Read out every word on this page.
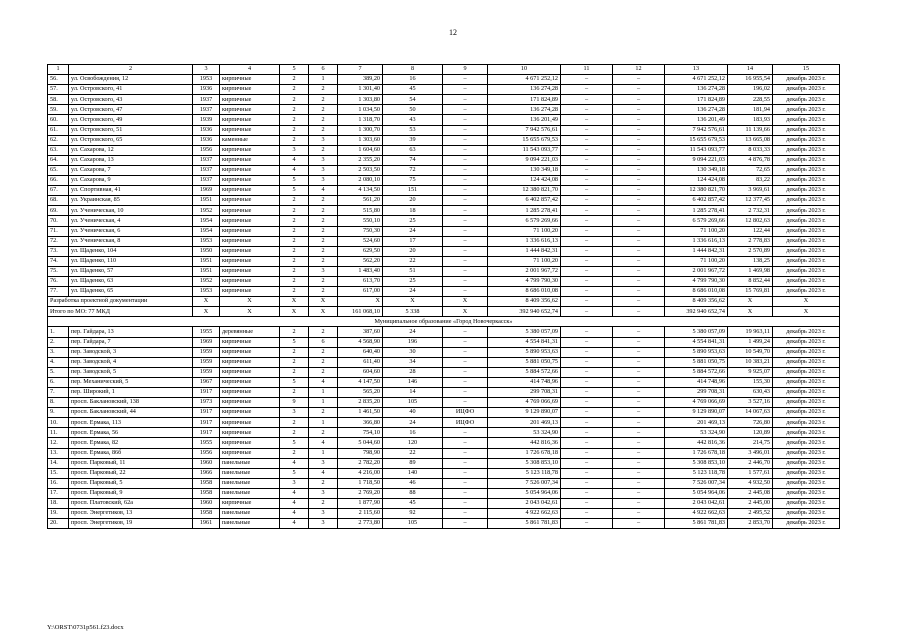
12
1	2	3	4	5	6	7	8	9	10	11	12	13	14	15
56.	ул. Освобождения, 12	1953	кирпичные	2	1	389,20	16	–	4 671 252,12	–	–	4 671 252,12	16 955,54	декабрь 2023 г.
57.	ул. Островского, 41	1936	кирпичные	2	2	1 301,40	45	–	136 274,28	–	–	136 274,28	196,02	декабрь 2023 г.
58.	ул. Островского, 43	1937	кирпичные	2	2	1 303,80	54	–	171 824,89	–	–	171 824,89	228,55	декабрь 2023 г.
59.	ул. Островского, 47	1937	кирпичные	2	2	1 034,50	50	–	136 274,28	–	–	136 274,28	181,94	декабрь 2023 г.
60.	ул. Островского, 49	1939	кирпичные	2	2	1 318,70	43	–	136 201,49	–	–	136 201,49	183,93	декабрь 2023 г.
61.	ул. Островского, 51	1936	кирпичные	2	2	1 300,70	53	–	7 942 576,61	–	–	7 942 576,61	11 139,66	декабрь 2023 г.
62.	ул. Островского, 65	1936	каменные	2	3	1 303,60	39	–	15 655 679,53	–	–	15 655 679,53	13 665,08	декабрь 2023 г.
63.	ул. Сахарова, 12	1956	кирпичные	3	2	1 604,60	63	–	11 543 093,77	–	–	11 543 093,77	8 033,33	декабрь 2023 г.
64.	ул. Сахарова, 13	1937	кирпичные	4	3	2 355,20	74	–	9 094 221,03	–	–	9 094 221,03	4 876,78	декабрь 2023 г.
65.	ул. Сахарова, 7	1937	кирпичные	4	3	2 503,50	72	–	130 349,18	–	–	130 349,18	72,65	декабрь 2023 г.
66.	ул. Сахарова, 9	1937	кирпичные	5	3	2 080,10	75	–	124 424,08	–	–	124 424,08	83,22	декабрь 2023 г.
67.	ул. Спортивная, 41	1969	кирпичные	5	4	4 134,50	151	–	12 380 821,70	–	–	12 380 821,70	3 969,61	декабрь 2023 г.
68.	ул. Украинская, 85	1951	кирпичные	2	2	561,20	20	–	6 402 857,42	–	–	6 402 857,42	12 377,45	декабрь 2023 г.
69.	ул. Ученическая, 10	1952	кирпичные	2	2	515,80	18	–	1 285 278,41	–	–	1 285 278,41	2 732,31	декабрь 2023 г.
70.	ул. Ученическая, 4	1954	кирпичные	2	2	550,10	25	–	6 579 269,66	–	–	6 579 269,66	12 802,63	декабрь 2023 г.
71.	ул. Ученическая, 6	1954	кирпичные	2	2	750,30	24	–	71 100,20	–	–	71 100,20	122,44	декабрь 2023 г.
72.	ул. Ученическая, 8	1953	кирпичные	2	2	524,60	17	–	1 336 616,13	–	–	1 336 616,13	2 778,83	декабрь 2023 г.
73.	ул. Щаденко, 104	1950	кирпичные	2	2	629,50	20	–	1 444 842,31	–	–	1 444 842,31	2 570,89	декабрь 2023 г.
74.	ул. Щаденко, 110	1951	кирпичные	2	2	562,20	22	–	71 100,20	–	–	71 100,20	138,25	декабрь 2023 г.
75.	ул. Щаденко, 57	1951	кирпичные	2	3	1 483,40	51	–	2 001 967,72	–	–	2 001 967,72	1 469,98	декабрь 2023 г.
76.	ул. Щаденко, 63	1952	кирпичные	2	2	613,70	25	–	4 799 790,30	–	–	4 799 790,30	8 852,44	декабрь 2023 г.
77.	ул. Щаденко, 65	1953	кирпичные	2	2	617,00	24	–	8 686 010,08	–	–	8 686 010,08	15 769,81	декабрь 2023 г.
Разработка проектной документации		X	X	X	X	X	X	X	8 409 356,62	–	–	8 409 356,62	X	X
Итого по МО: 77 МКД		X	X	X	X	161 068,10	5 338	X	392 940 652,74	–	–	392 940 652,74	X	X
Муниципальное образование «Город Новочеркасск»														
1.	пер. Гайдара, 13	1955	деревянные	2	2	387,60	24	–	5 380 057,09	–	–	5 380 057,09	19 963,11	декабрь 2023 г.
2.	пер. Гайдара, 7	1969	кирпичные	5	6	4 568,90	196	–	4 554 841,31	–	–	4 554 841,31	1 499,24	декабрь 2023 г.
3.	пер. Заводской, 3	1959	кирпичные	2	2	640,40	30	–	5 890 953,63	–	–	5 890 953,63	10 549,70	декабрь 2023 г.
4.	пер. Заводской, 4	1959	кирпичные	2	2	611,40	34	–	5 881 050,75	–	–	5 881 050,75	10 383,21	декабрь 2023 г.
5.	пер. Заводской, 5	1959	кирпичные	2	2	604,60	28	–	5 884 572,66	–	–	5 884 572,66	9 925,07	декабрь 2023 г.
6.	пер. Механический, 5	1967	кирпичные	5	4	4 147,50	146	–	414 748,96	–	–	414 748,96	155,30	декабрь 2023 г.
7.	пер. Широкий, 1	1917	кирпичные	2	1	565,20	14	–	299 708,31	–	–	299 708,31	630,43	декабрь 2023 г.
8.	просп. Баклановский, 138	1973	кирпичные	9	1	2 835,20	105	–	4 769 066,69	–	–	4 769 066,69	3 527,16	декабрь 2023 г.
9.	просп. Баклановский, 44	1917	кирпичные	3	2	1 461,50	40	ИЦФО	9 129 890,07	–	–	9 129 890,07	14 067,63	декабрь 2023 г.
10.	просп. Ермака, 113	1917	кирпичные	2	1	366,80	24	ИЦФО	201 469,13	–	–	201 469,13	726,80	декабрь 2023 г.
11.	просп. Ермака, 56	1917	кирпичные	2	2	754,10	16	–	53 324,90	–	–	53 324,90	120,89	декабрь 2023 г.
12.	просп. Ермака, 82	1955	кирпичные	5	4	5 044,60	120	–	442 816,36	–	–	442 816,36	214,75	декабрь 2023 г.
13.	просп. Ермака, 86б	1956	кирпичные	2	1	798,90	22	–	1 726 678,18	–	–	1 726 678,18	3 496,01	декабрь 2023 г.
14.	просп. Парковый, 11	1960	панельные	4	3	2 782,20	89	–	5 308 853,10	–	–	5 308 853,10	2 446,70	декабрь 2023 г.
15.	просп. Парковый, 22	1966	панельные	5	4	4 216,00	140	–	5 123 118,78	–	–	5 123 118,78	1 577,61	декабрь 2023 г.
16.	просп. Парковый, 5	1958	панельные	3	2	1 718,50	46	–	7 526 007,34	–	–	7 526 007,34	4 932,50	декабрь 2023 г.
17.	просп. Парковый, 9	1958	панельные	4	3	2 769,20	88	–	5 054 964,06	–	–	5 054 964,06	2 445,08	декабрь 2023 г.
18.	просп. Платовский, 62а	1960	кирпичные	4	2	1 877,90	45	–	2 043 042,61	–	–	2 043 042,61	2 445,00	декабрь 2023 г.
19.	просп. Энергетиков, 13	1958	панельные	4	3	2 115,60	92	–	4 922 662,63	–	–	4 922 662,63	2 495,52	декабрь 2023 г.
20.	просп. Энергетиков, 19	1961	панельные	4	3	2 773,80	105	–	5 861 781,83	–	–	5 861 781,83	2 853,70	декабрь 2023 г.
Y:\ORST\0731p561.f23.docx
